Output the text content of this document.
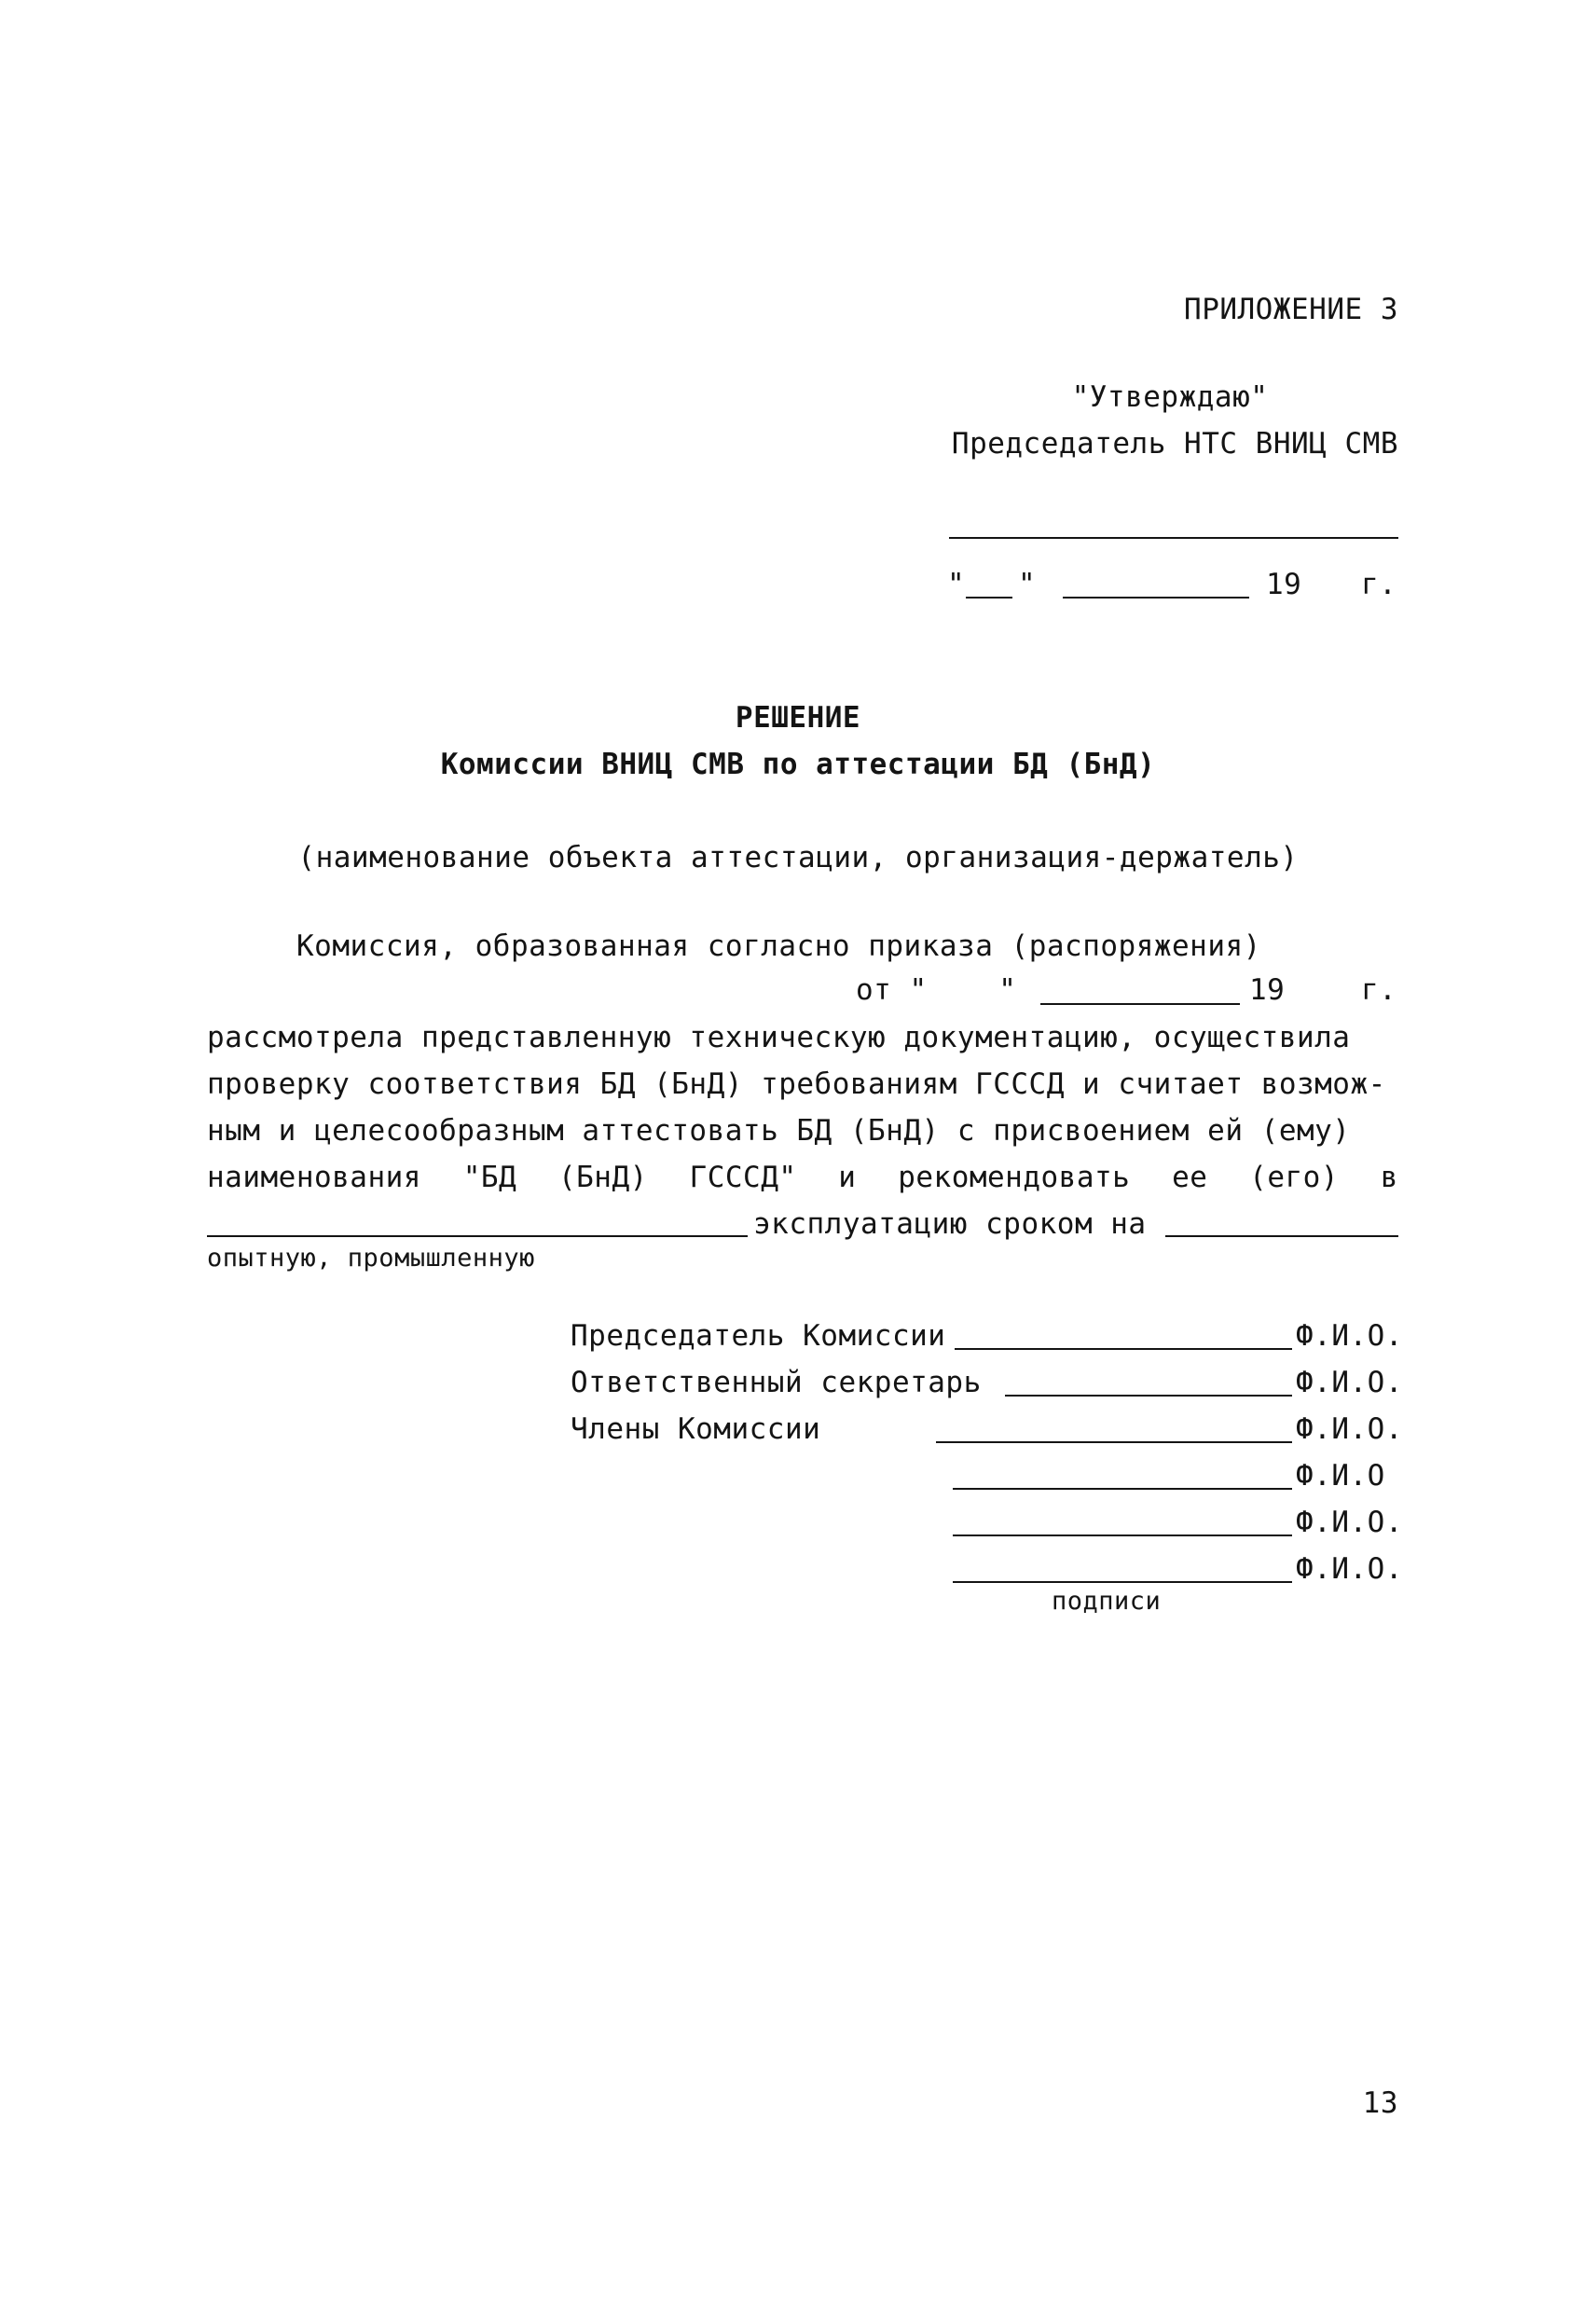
ПРИЛОЖЕНИЕ 3
"Утверждаю"
Председатель НТС ВНИЦ СМВ
" "	19 г.
РЕШЕНИЕ
Комиссии ВНИЦ СМВ по аттестации БД (БнД)
(наименование объекта аттестации, организация-держатель)
Комиссия, образованная согласно приказа (распоряжения)
от "    "	19	г.
рассмотрела представленную техническую документацию, осуществила
проверку соответствия БД (БнД) требованиям ГСССД и считает возмож-
ным и целесообразным аттестовать БД (БнД) с присвоением ей (ему)
наименования "БД (БнД) ГСССД" и рекомендовать ее (его) в
эксплуатацию сроком на
опытную, промышленную
Председатель Комиссии	Ф.И.О.
Ответственный секретарь	Ф.И.О.
Члены Комиссии	Ф.И.О.
Ф.И.О
Ф.И.О.
Ф.И.О.
подписи
13
